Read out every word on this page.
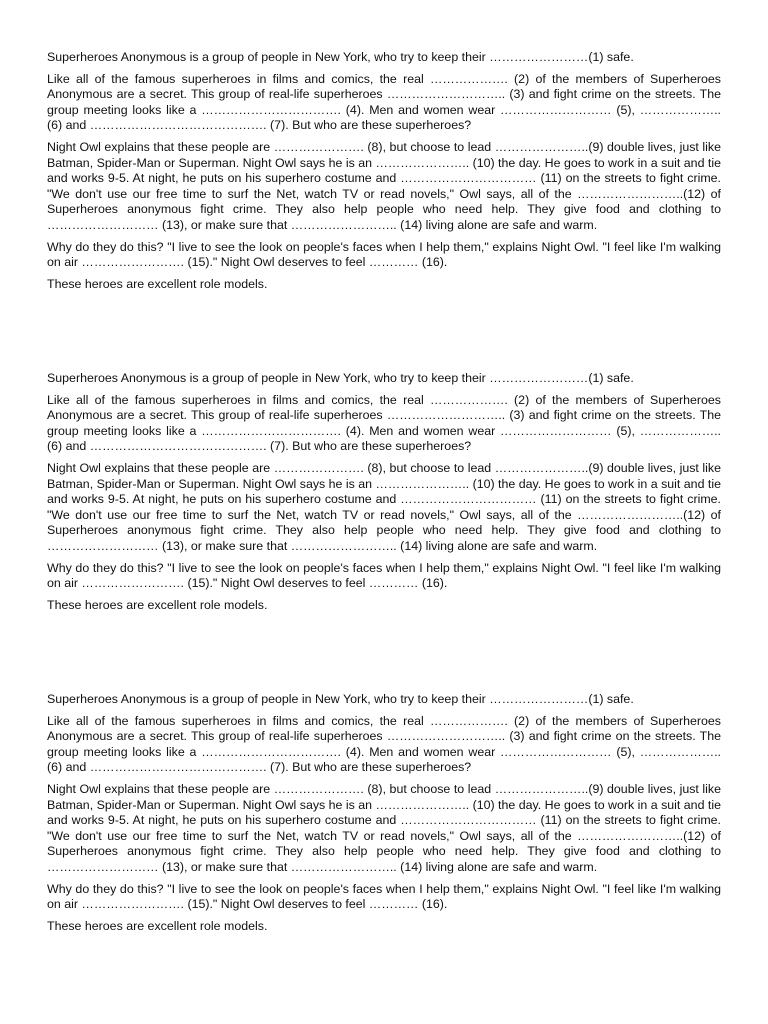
Superheroes Anonymous is a group of people in New York, who try to keep their ……………………(1) safe.

Like all of the famous superheroes in films and comics, the real ………………. (2) of the members of Superheroes Anonymous are a secret. This group of real-life superheroes ……………………….. (3) and fight crime on the streets. The group meeting looks like a ……………………………. (4). Men and women wear ……………………… (5), ……………….. (6) and ……………………………………. (7). But who are these superheroes?

Night Owl explains that these people are …………………. (8), but choose to lead …………………..(9) double lives, just like Batman, Spider-Man or Superman. Night Owl says he is an ………………….. (10) the day. He goes to work in a suit and tie and works 9-5. At night, he puts on his superhero costume and …………………………… (11) on the streets to fight crime. "We don't use our free time to surf the Net, watch TV or read novels," Owl says, all of the ……………………..(12) of Superheroes anonymous fight crime. They also help people who need help. They give food and clothing to ……………………… (13), or make sure that …………………….. (14) living alone are safe and warm.

Why do they do this? "I live to see the look on people's faces when I help them," explains Night Owl. "I feel like I'm walking on air ……………………. (15)." Night Owl deserves to feel ………… (16).

These heroes are excellent role models.

Superheroes Anonymous is a group of people in New York, who try to keep their ……………………(1) safe.

Like all of the famous superheroes in films and comics, the real ………………. (2) of the members of Superheroes Anonymous are a secret. This group of real-life superheroes ……………………….. (3) and fight crime on the streets. The group meeting looks like a ……………………………. (4). Men and women wear ……………………… (5), ……………….. (6) and ……………………………………. (7). But who are these superheroes?

Night Owl explains that these people are …………………. (8), but choose to lead …………………..(9) double lives, just like Batman, Spider-Man or Superman. Night Owl says he is an ………………….. (10) the day. He goes to work in a suit and tie and works 9-5. At night, he puts on his superhero costume and …………………………… (11) on the streets to fight crime. "We don't use our free time to surf the Net, watch TV or read novels," Owl says, all of the ……………………..(12) of Superheroes anonymous fight crime. They also help people who need help. They give food and clothing to ……………………… (13), or make sure that …………………….. (14) living alone are safe and warm.

Why do they do this? "I live to see the look on people's faces when I help them," explains Night Owl. "I feel like I'm walking on air ……………………. (15)." Night Owl deserves to feel ………… (16).

These heroes are excellent role models.

Superheroes Anonymous is a group of people in New York, who try to keep their ……………………(1) safe.

Like all of the famous superheroes in films and comics, the real ………………. (2) of the members of Superheroes Anonymous are a secret. This group of real-life superheroes ……………………….. (3) and fight crime on the streets. The group meeting looks like a ……………………………. (4). Men and women wear ……………………… (5), ……………….. (6) and ……………………………………. (7). But who are these superheroes?

Night Owl explains that these people are …………………. (8), but choose to lead …………………..(9) double lives, just like Batman, Spider-Man or Superman. Night Owl says he is an ………………….. (10) the day. He goes to work in a suit and tie and works 9-5. At night, he puts on his superhero costume and …………………………… (11) on the streets to fight crime. "We don't use our free time to surf the Net, watch TV or read novels," Owl says, all of the ……………………..(12) of Superheroes anonymous fight crime. They also help people who need help. They give food and clothing to ……………………… (13), or make sure that …………………….. (14) living alone are safe and warm.

Why do they do this? "I live to see the look on people's faces when I help them," explains Night Owl. "I feel like I'm walking on air ……………………. (15)." Night Owl deserves to feel ………… (16).

These heroes are excellent role models.
